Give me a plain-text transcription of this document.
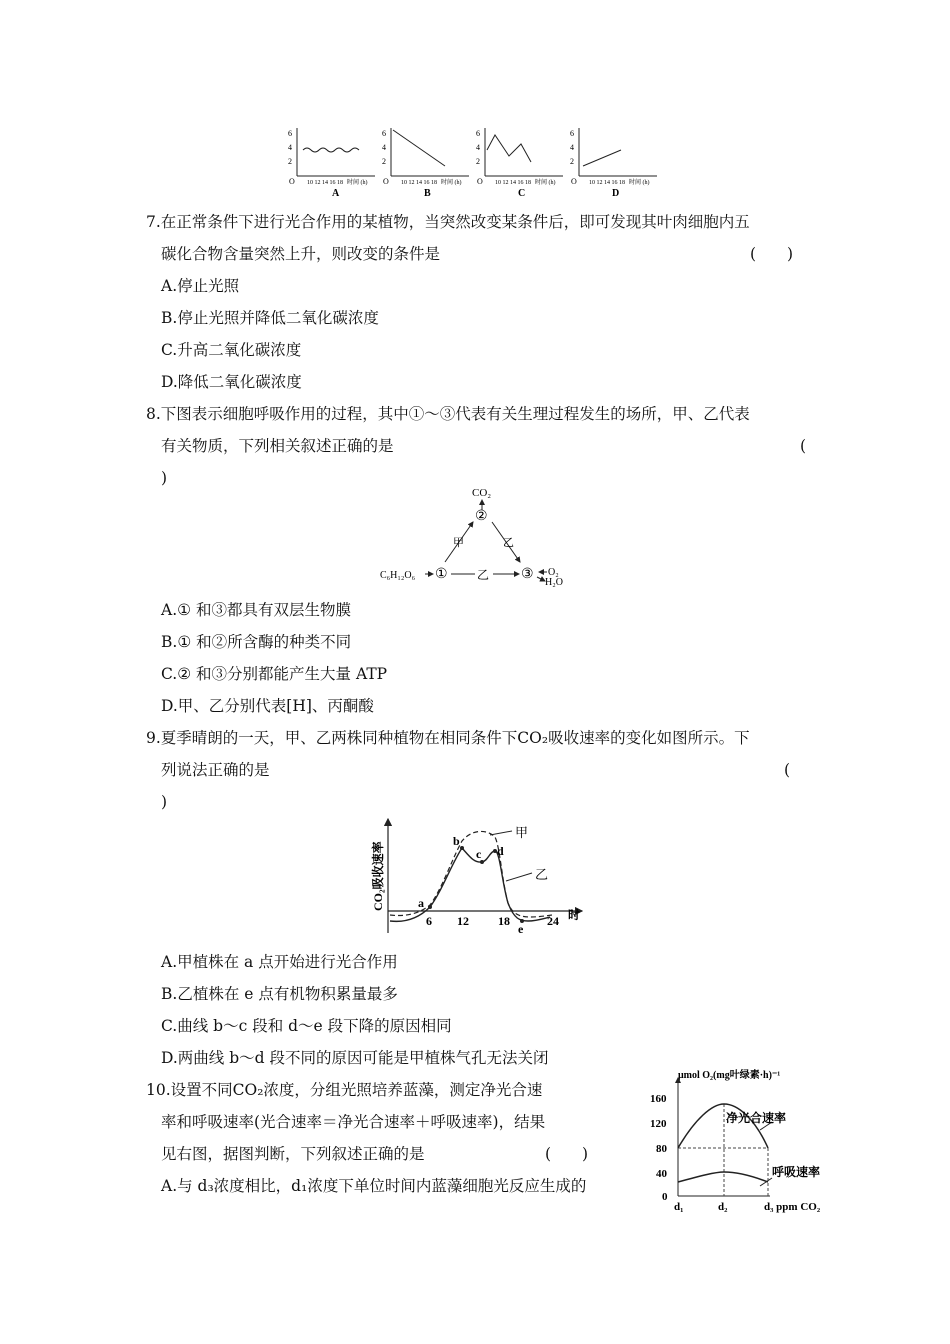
6
4
2
O 10 12 14 16 18 时间 (h)
A
6
4
2
O 10 12 14 16 18 时间 (h)
B
6
4
2
O 10 12 14 16 18 时间 (h)
C
6
4
2
O 10 12 14 16 18 时间 (h)
D
7.在正常条件下进行光合作用的某植物，当突然改变某条件后，即可发现其叶肉细胞内五
碳化合物含量突然上升，则改变的条件是	(　　)
A.停止光照
B.停止光照并降低二氧化碳浓度
C.升高二氧化碳浓度
D.降低二氧化碳浓度
8.下图表示细胞呼吸作用的过程，其中①～③代表有关生理过程发生的场所，甲、乙代表
有关物质，下列相关叙述正确的是	(
)
CO₂
②
甲	乙
C₆H₁₂O₆ ① 乙 ③ O₂
H₂O
A.① 和③都具有双层生物膜
B.① 和②所含酶的种类不同
C.② 和③分别都能产生大量 ATP
D.甲、乙分别代表[H]、丙酮酸
9.夏季晴朗的一天，甲、乙两株同种植物在相同条件下CO₂吸收速率的变化如图所示。下
列说法正确的是	(
)
CO₂吸收速率
6 12 18	24 时
a
b
c d
e
甲
乙
A.甲植株在 a 点开始进行光合作用
B.乙植株在 e 点有机物积累量最多
C.曲线 b～c 段和 d～e 段下降的原因相同
D.两曲线 b～d 段不同的原因可能是甲植株气孔无法关闭
10.设置不同CO₂浓度，分组光照培养蓝藻，测定净光合速
率和呼吸速率(光合速率＝净光合速率＋呼吸速率)，结果
见右图，据图判断，下列叙述正确的是	(　　)
A.与 d₃浓度相比，d₁浓度下单位时间内蓝藻细胞光反应生成的
μmol O₂(mg叶绿素·h)⁻¹
160
120
80
40
0
净光合速率
呼吸速率
d₁	d₂	d₃ ppm CO₂
